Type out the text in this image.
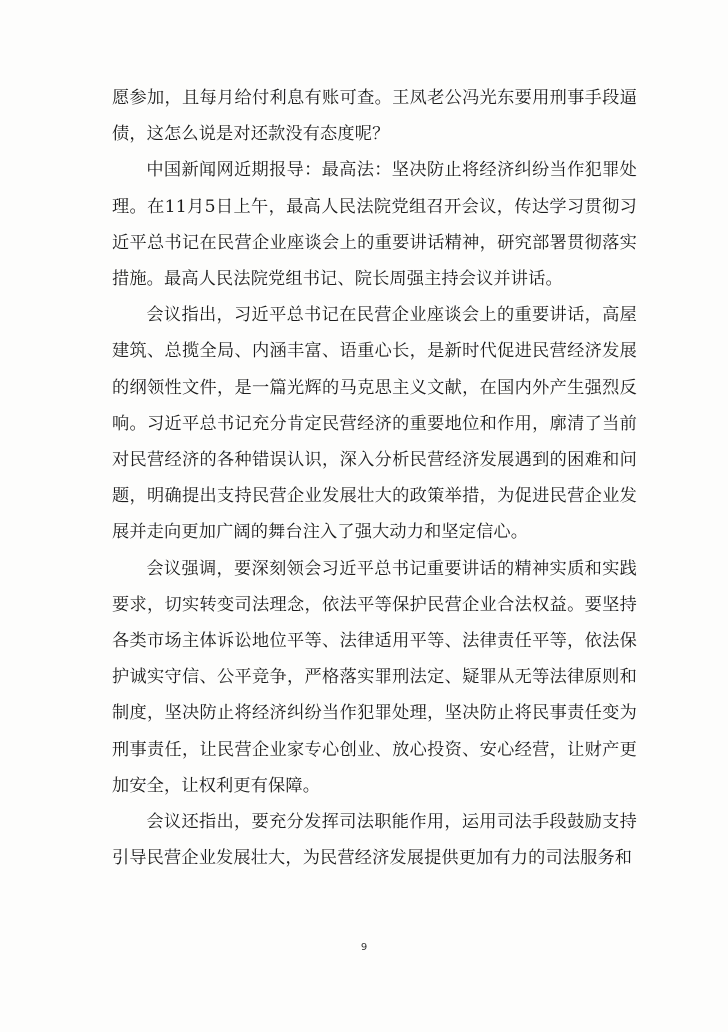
愿参加，且每月给付利息有账可查。王凤老公冯光东要用刑事手段逼债，这怎么说是对还款没有态度呢？

中国新闻网近期报导：最高法：坚决防止将经济纠纷当作犯罪处理。在11月5日上午，最高人民法院党组召开会议，传达学习贯彻习近平总书记在民营企业座谈会上的重要讲话精神，研究部署贯彻落实措施。最高人民法院党组书记、院长周强主持会议并讲话。

会议指出，习近平总书记在民营企业座谈会上的重要讲话，高屋建筑、总揽全局、内涵丰富、语重心长，是新时代促进民营经济发展的纲领性文件，是一篇光辉的马克思主义文献，在国内外产生强烈反响。习近平总书记充分肯定民营经济的重要地位和作用，廓清了当前对民营经济的各种错误认识，深入分析民营经济发展遇到的困难和问题，明确提出支持民营企业发展壮大的政策举措，为促进民营企业发展并走向更加广阔的舞台注入了强大动力和坚定信心。

会议强调，要深刻领会习近平总书记重要讲话的精神实质和实践要求，切实转变司法理念，依法平等保护民营企业合法权益。要坚持各类市场主体诉讼地位平等、法律适用平等、法律责任平等，依法保护诚实守信、公平竞争，严格落实罪刑法定、疑罪从无等法律原则和制度，坚决防止将经济纠纷当作犯罪处理，坚决防止将民事责任变为刑事责任，让民营企业家专心创业、放心投资、安心经营，让财产更加安全，让权利更有保障。

会议还指出，要充分发挥司法职能作用，运用司法手段鼓励支持引导民营企业发展壮大，为民营经济发展提供更加有力的司法服务和

9
